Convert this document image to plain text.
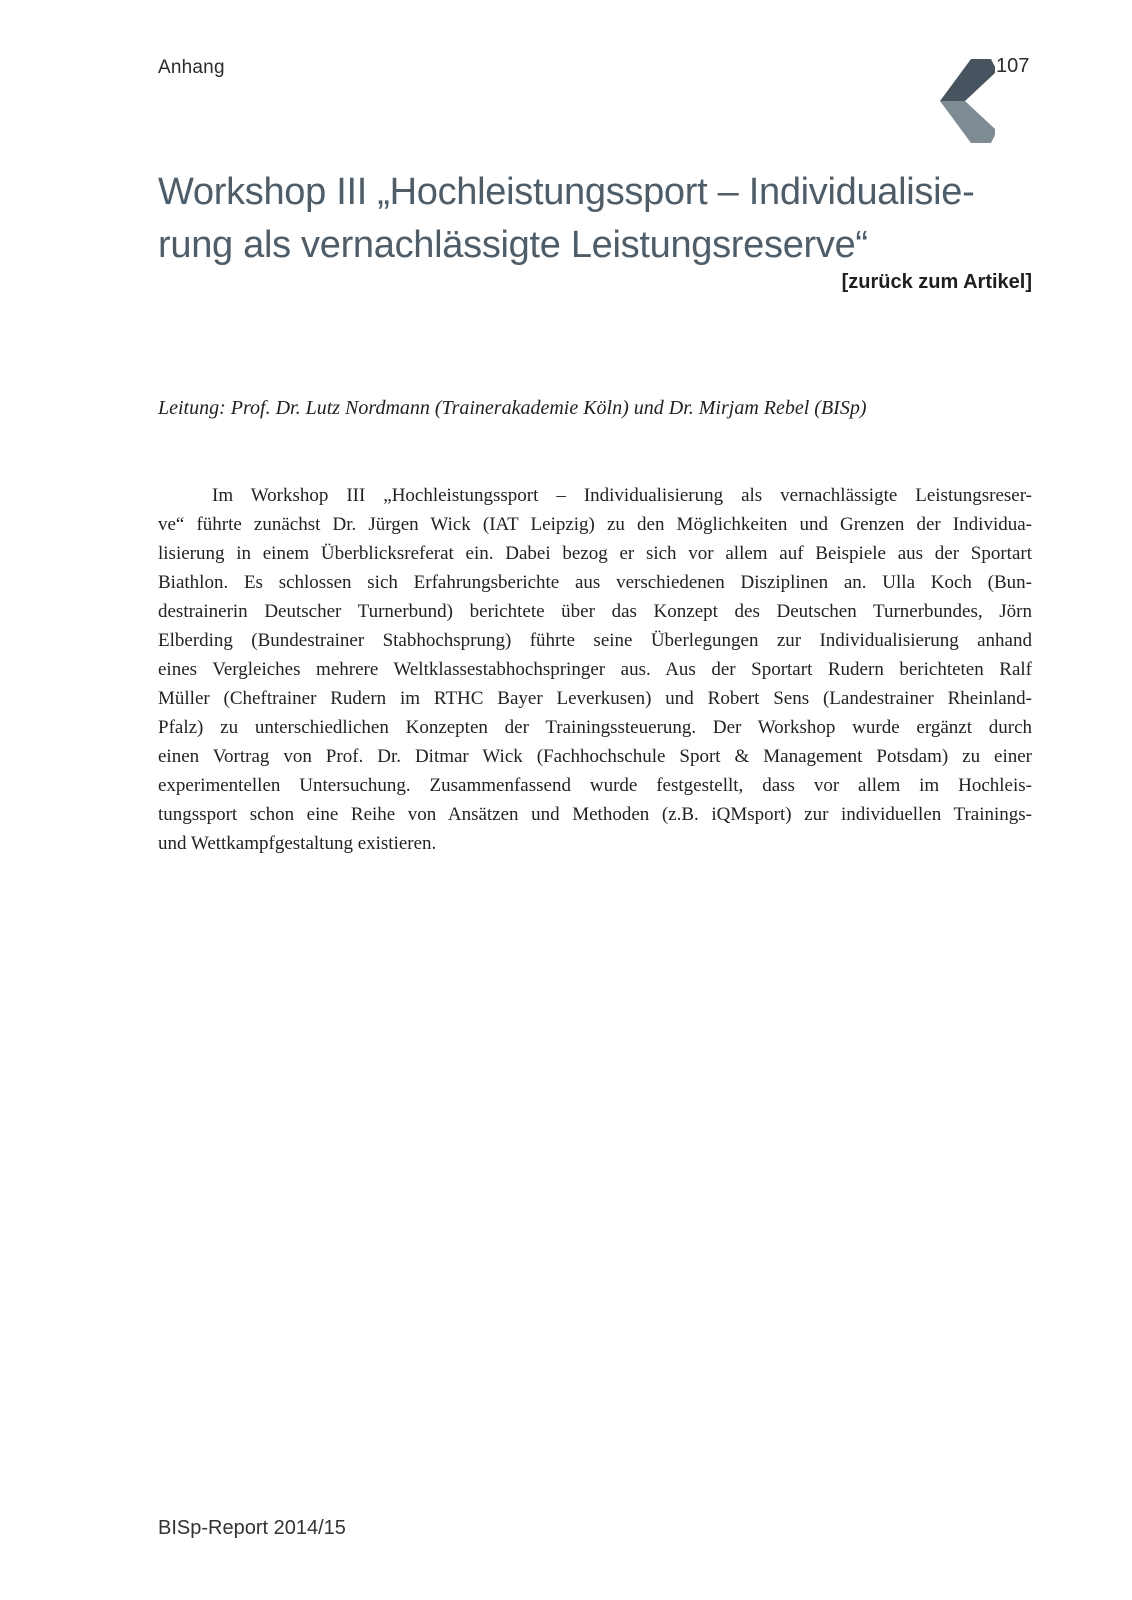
Anhang	107
Workshop III „Hochleistungssport – Individualisie-
rung als vernachlässigte Leistungsreserve“
[zurück zum Artikel]

Leitung: Prof. Dr. Lutz Nordmann (Trainerakademie Köln) und Dr. Mirjam Rebel (BISp)

Im Workshop III „Hochleistungssport – Individualisierung als vernachlässigte Leistungsreser-
ve“ führte zunächst Dr. Jürgen Wick (IAT Leipzig) zu den Möglichkeiten und Grenzen der Individua-
lisierung in einem Überblicksreferat ein. Dabei bezog er sich vor allem auf Beispiele aus der Sportart
Biathlon. Es schlossen sich Erfahrungsberichte aus verschiedenen Disziplinen an. Ulla Koch (Bun-
destrainerin Deutscher Turnerbund) berichtete über das Konzept des Deutschen Turnerbundes, Jörn
Elberding (Bundestrainer Stabhochsprung) führte seine Überlegungen zur Individualisierung anhand
eines Vergleiches mehrere Weltklassestabhochspringer aus. Aus der Sportart Rudern berichteten Ralf
Müller (Cheftrainer Rudern im RTHC Bayer Leverkusen) und Robert Sens (Landestrainer Rheinland-
Pfalz) zu unterschiedlichen Konzepten der Trainingssteuerung. Der Workshop wurde ergänzt durch
einen Vortrag von Prof. Dr. Ditmar Wick (Fachhochschule Sport & Management Potsdam) zu einer
experimentellen Untersuchung. Zusammenfassend wurde festgestellt, dass vor allem im Hochleis-
tungssport schon eine Reihe von Ansätzen und Methoden (z.B. iQMsport) zur individuellen Trainings-
und Wettkampfgestaltung existieren.
BISp-Report 2014/15
